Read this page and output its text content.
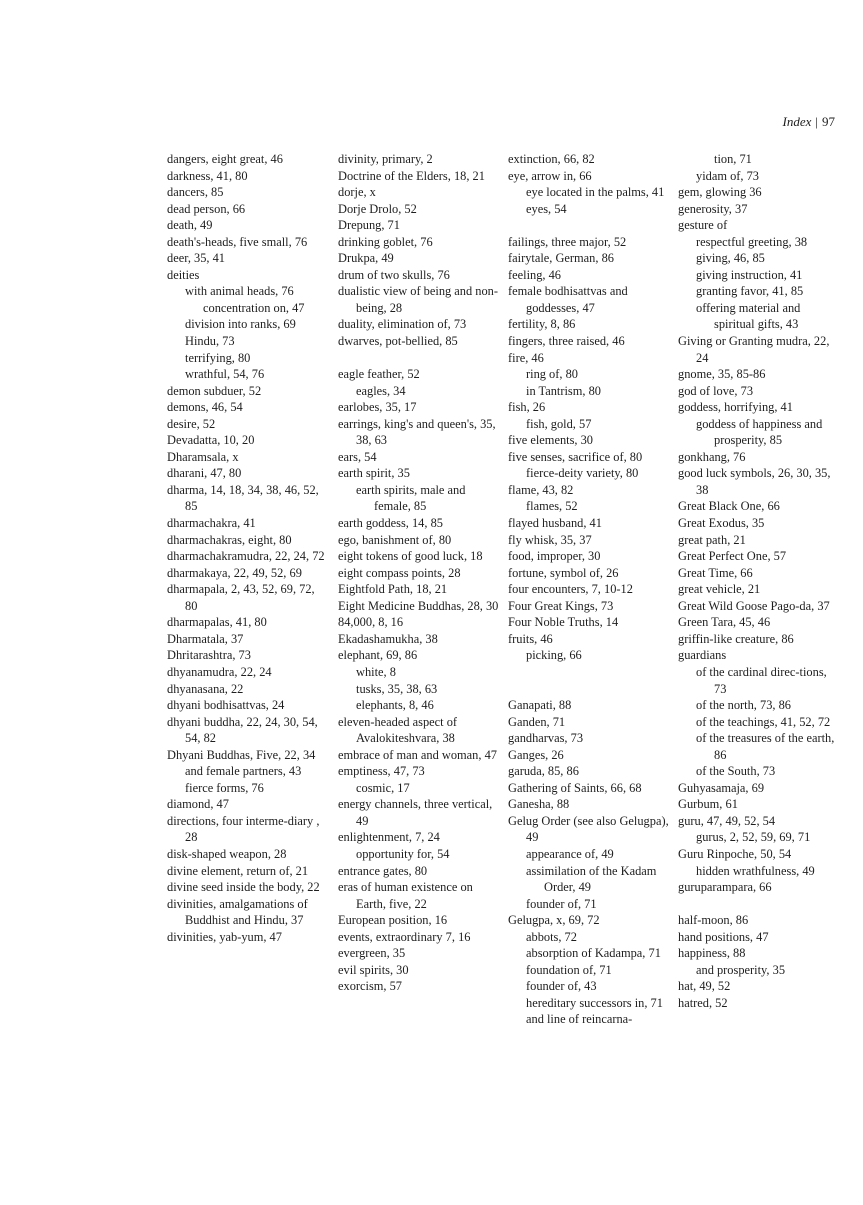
Index | 97
dangers, eight great, 46
darkness, 41, 80
dancers, 85
dead person, 66
death, 49
death's-heads, five small, 76
deer, 35, 41
deities
with animal heads, 76
concentration on, 47
division into ranks, 69
Hindu, 73
terrifying, 80
wrathful, 54, 76
demon subduer, 52
demons, 46, 54
desire, 52
Devadatta, 10, 20
Dharamsala, x
dharani, 47, 80
dharma, 14, 18, 34, 38, 46, 52, 85
dharmachakra, 41
dharmachakras, eight, 80
dharmachakramudra, 22, 24, 72
dharmakaya, 22, 49, 52, 69
dharmapala, 2, 43, 52, 69, 72, 80
dharmapalas, 41, 80
Dharmatala, 37
Dhritarashtra, 73
dhyanamudra, 22, 24
dhyanasana, 22
dhyani bodhisattvas, 24
dhyani buddha, 22, 24, 30, 54, 54, 82
Dhyani Buddhas, Five, 22, 34
and female partners, 43
fierce forms, 76
diamond, 47
directions, four interme-diary , 28
disk-shaped weapon, 28
divine element, return of, 21
divine seed inside the body, 22
divinities, amalgamations of Buddhist and Hindu, 37
divinities, yab-yum, 47
divinity, primary, 2
Doctrine of the Elders, 18, 21
dorje, x
Dorje Drolo, 52
Drepung, 71
drinking goblet, 76
Drukpa, 49
drum of two skulls, 76
dualistic view of being and non-being, 28
duality, elimination of, 73
dwarves, pot-bellied, 85
eagle feather, 52
eagles, 34
earlobes, 35, 17
earrings, king's and queen's, 35, 38, 63
ears, 54
earth spirit, 35
earth spirits, male and female, 85
earth goddess, 14, 85
ego, banishment of, 80
eight tokens of good luck, 18
eight compass points, 28
Eightfold Path, 18, 21
Eight Medicine Buddhas, 28, 30
84,000, 8, 16
Ekadashamukha, 38
elephant, 69, 86
white, 8
tusks, 35, 38, 63
elephants, 8, 46
eleven-headed aspect of Avalokiteshvara, 38
embrace of man and woman, 47
emptiness, 47, 73
cosmic, 17
energy channels, three vertical, 49
enlightenment, 7, 24
opportunity for, 54
entrance gates, 80
eras of human existence on Earth, five, 22
European position, 16
events, extraordinary 7, 16
evergreen, 35
evil spirits, 30
exorcism, 57
extinction, 66, 82
eye, arrow in, 66
eye located in the palms, 41
eyes, 54
failings, three major, 52
fairytale, German, 86
feeling, 46
female bodhisattvas and goddesses, 47
fertility, 8, 86
fingers, three raised, 46
fire, 46
ring of, 80
in Tantrism, 80
fish, 26
fish, gold, 57
five elements, 30
five senses, sacrifice of, 80
fierce-deity variety, 80
flame, 43, 82
flames, 52
flayed husband, 41
fly whisk, 35, 37
food, improper, 30
fortune, symbol of, 26
four encounters, 7, 10-12
Four Great Kings, 73
Four Noble Truths, 14
fruits, 46
picking, 66
Ganapati, 88
Ganden, 71
gandharvas, 73
Ganges, 26
garuda, 85, 86
Gathering of Saints, 66, 68
Ganesha, 88
Gelug Order (see also Gelugpa), 49
appearance of, 49
assimilation of the Kadam Order, 49
founder of, 71
Gelugpa, x, 69, 72
abbots, 72
absorption of Kadampa, 71
foundation of, 71
founder of, 43
hereditary successors in, 71
and line of reincarna-
tion, 71
yidam of, 73
gem, glowing 36
generosity, 37
gesture of
respectful greeting, 38
giving, 46, 85
giving instruction, 41
granting favor, 41, 85
offering material and spiritual gifts, 43
Giving or Granting mudra, 22, 24
gnome, 35, 85-86
god of love, 73
goddess, horrifying, 41
goddess of happiness and prosperity, 85
gonkhang, 76
good luck symbols, 26, 30, 35, 38
Great Black One, 66
Great Exodus, 35
great path, 21
Great Perfect One, 57
Great Time, 66
great vehicle, 21
Great Wild Goose Pago-da, 37
Green Tara, 45, 46
griffin-like creature, 86
guardians
of the cardinal direc-tions, 73
of the north, 73, 86
of the teachings, 41, 52, 72
of the treasures of the earth, 86
of the South, 73
Guhyasamaja, 69
Gurbum, 61
guru, 47, 49, 52, 54
gurus, 2, 52, 59, 69, 71
Guru Rinpoche, 50, 54
hidden wrathfulness, 49
guruparampara, 66
half-moon, 86
hand positions, 47
happiness, 88
and prosperity, 35
hat, 49, 52
hatred, 52
